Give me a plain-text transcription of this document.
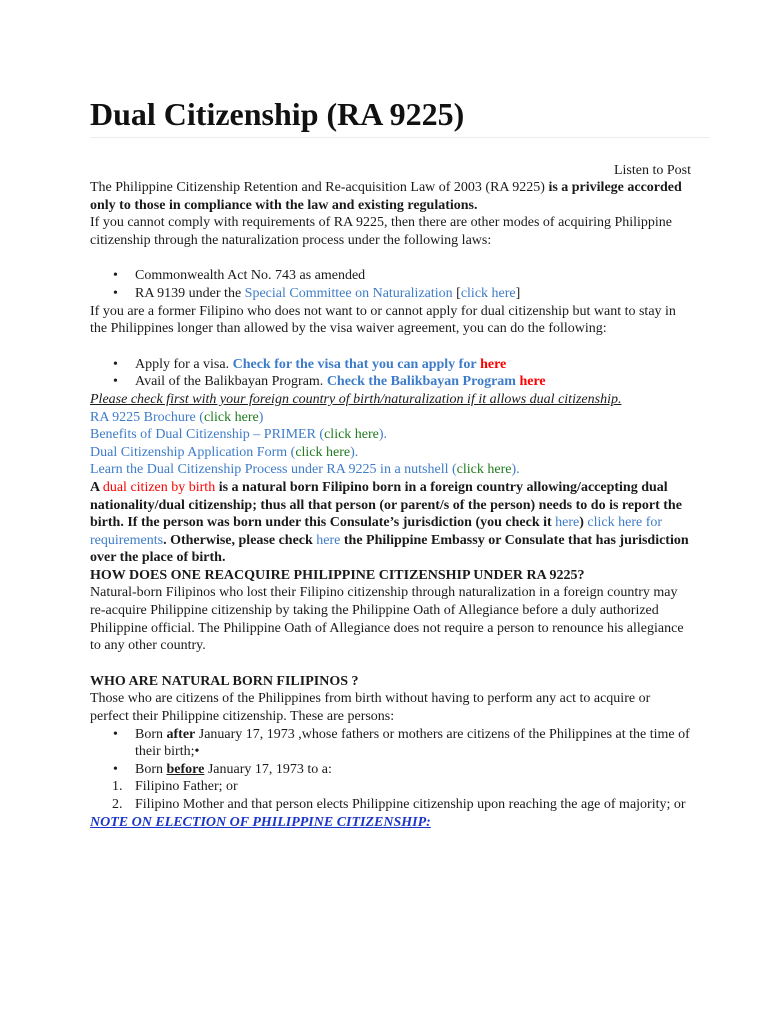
Dual Citizenship (RA 9225)
Listen to Post

The Philippine Citizenship Retention and Re-acquisition Law of 2003 (RA 9225) is a privilege accorded only to those in compliance with the law and existing regulations.

If you cannot comply with requirements of RA 9225, then there are other modes of acquiring Philippine citizenship through the naturalization process under the following laws:

• Commonwealth Act No. 743 as amended
• RA 9139 under the Special Committee on Naturalization [click here]

If you are a former Filipino who does not want to or cannot apply for dual citizenship but want to stay in the Philippines longer than allowed by the visa waiver agreement, you can do the following:

• Apply for a visa. Check for the visa that you can apply for here
• Avail of the Balikbayan Program. Check the Balikbayan Program here

Please check first with your foreign country of birth/naturalization if it allows dual citizenship.

RA 9225 Brochure (click here)

Benefits of Dual Citizenship – PRIMER (click here).

Dual Citizenship Application Form (click here).

Learn the Dual Citizenship Process under RA 9225 in a nutshell (click here).

A dual citizen by birth is a natural born Filipino born in a foreign country allowing/accepting dual nationality/dual citizenship; thus all that person (or parent/s of the person) needs to do is report the birth. If the person was born under this Consulate’s jurisdiction (you check it here) click here for requirements. Otherwise, please check here the Philippine Embassy or Consulate that has jurisdiction over the place of birth.

HOW DOES ONE REACQUIRE PHILIPPINE CITIZENSHIP UNDER RA 9225?

Natural-born Filipinos who lost their Filipino citizenship through naturalization in a foreign country may re-acquire Philippine citizenship by taking the Philippine Oath of Allegiance before a duly authorized Philippine official. The Philippine Oath of Allegiance does not require a person to renounce his allegiance to any other country.

WHO ARE NATURAL BORN FILIPINOS ?

Those who are citizens of the Philippines from birth without having to perform any act to acquire or perfect their Philippine citizenship. These are persons:

• Born after January 17, 1973 ,whose fathers or mothers are citizens of the Philippines at the time of their birth;•
• Born before January 17, 1973 to a:
1. Filipino Father; or
2. Filipino Mother and that person elects Philippine citizenship upon reaching the age of majority; or

NOTE ON ELECTION OF PHILIPPINE CITIZENSHIP:
